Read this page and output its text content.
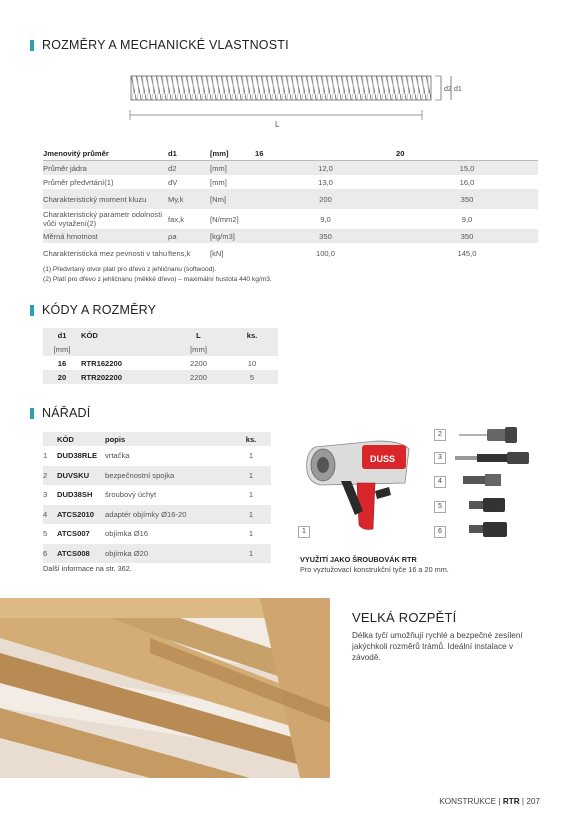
ROZMĚRY A MECHANICKÉ VLASTNOSTI
L
d2 d1
Jmenovitý průměr	d1	[mm]	16	20
Průměr jádra	d2	[mm]	12,0	15,0
Průměr předvrtání(1)	dV	[mm]	13,0	16,0
Charakteristický moment kluzu	My,k	[Nm]	200	350
Charakteristický parametr odolnosti vůči vytažení(2)	fax,k	[N/mm2]	9,0	9,0
Měrná hmotnost	ρa	[kg/m3]	350	350
Charakteristická mez pevnosti v tahu	ftens,k	[kN]	100,0	145,0
(1) Předvrtaný otvor platí pro dřevo z jehličnanu (softwood).
(2) Platí pro dřevo z jehličnanu (měkké dřevo) – maximální hustota 440 kg/m3.
KÓDY A ROZMĚRY
d1	KÓD	L	ks.
[mm]		[mm]	
16	RTR162200	2200	10
20	RTR202200	2200	5
NÁŘADÍ
	KÓD	popis	ks.
1	DUD38RLE	vrtačka	1
2	DUVSKU	bezpečnostní spojka	1
3	DUD38SH	šroubový úchyt	1
4	ATCS2010	adaptér objímky Ø16-20	1
5	ATCS007	objímka Ø16	1
6	ATCS008	objímka Ø20	1
Další informace na str. 362.
DUSS
1
2
3
4
5
6
VYUŽITÍ JAKO ŠROUBOVÁK RTR
Pro vyztužovací konstrukční tyče 16 a 20 mm.
VELKÁ ROZPĚTÍ
Délka tyčí umožňují rychlé a bezpečné zesílení jakýchkoli rozměrů trámů. Ideální instalace v závodě.
KONSTRUKCE | RTR | 207
